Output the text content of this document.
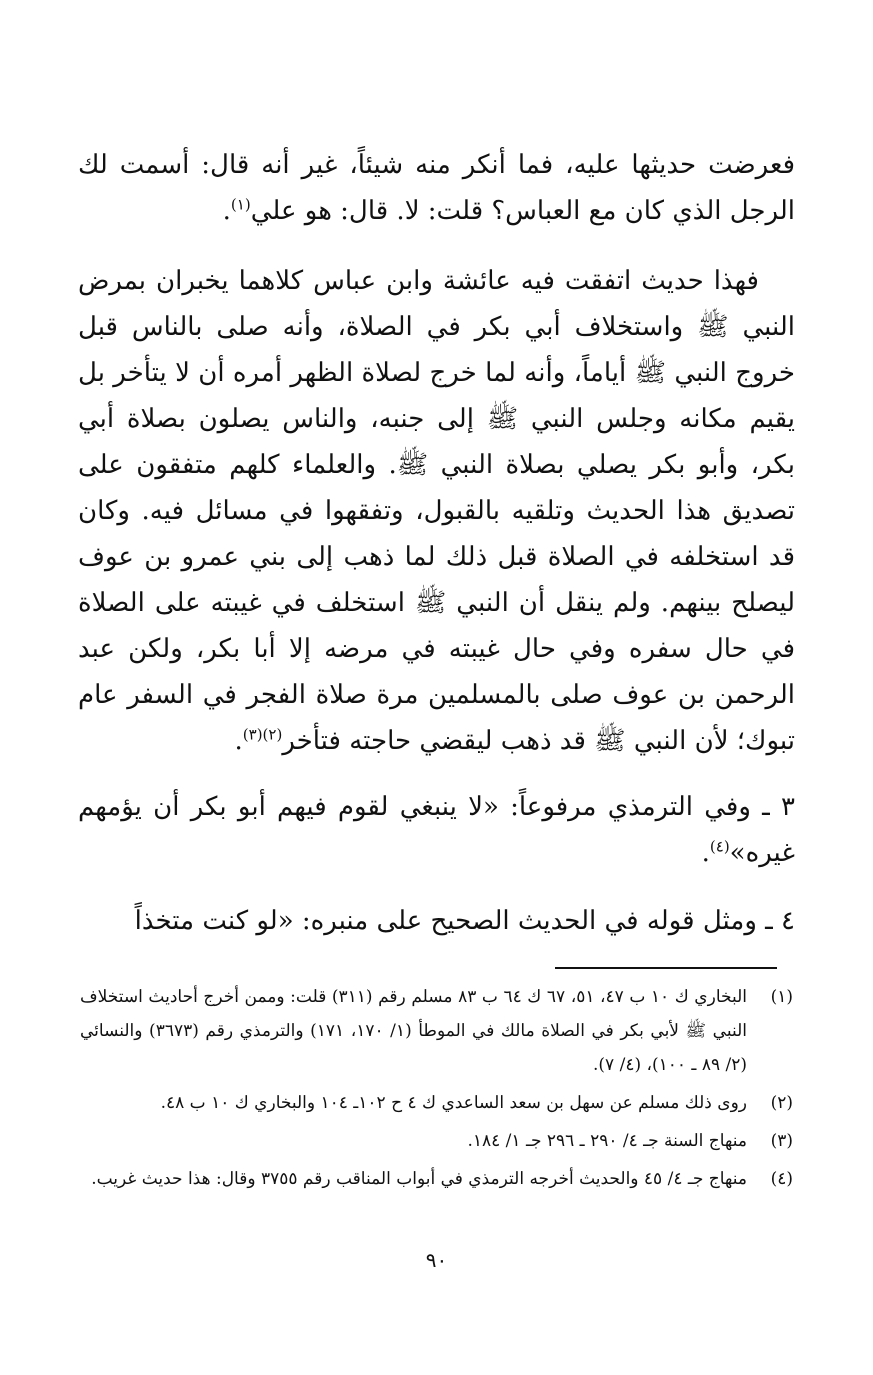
فعرضت حديثها عليه، فما أنكر منه شيئاً، غير أنه قال: أسمت لك الرجل الذي كان مع العباس؟ قلت: لا. قال: هو علي$^{(١)}$.

فهذا حديث اتفقت فيه عائشة وابن عباس كلاهما يخبران بمرض النبي ﷺ واستخلاف أبي بكر في الصلاة، وأنه صلى بالناس قبل خروج النبي ﷺ أياماً، وأنه لما خرج لصلاة الظهر أمره أن لا يتأخر بل يقيم مكانه وجلس النبي ﷺ إلى جنبه، والناس يصلون بصلاة أبي بكر، وأبو بكر يصلي بصلاة النبي ﷺ. والعلماء كلهم متفقون على تصديق هذا الحديث وتلقيه بالقبول، وتفقهوا في مسائل فيه. وكان قد استخلفه في الصلاة قبل ذلك لما ذهب إلى بني عمرو بن عوف ليصلح بينهم. ولم ينقل أن النبي ﷺ استخلف في غيبته على الصلاة في حال سفره وفي حال غيبته في مرضه إلا أبا بكر، ولكن عبد الرحمن بن عوف صلى بالمسلمين مرة صلاة الفجر في السفر عام تبوك؛ لأن النبي ﷺ قد ذهب ليقضي حاجته فتأخر$^{(٢)(٣)}$.

٣ ـ وفي الترمذي مرفوعاً: «لا ينبغي لقوم فيهم أبو بكر أن يؤمهم غيره»$^{(٤)}$.

٤ ـ ومثل قوله في الحديث الصحيح على منبره: «لو كنت متخذاً

(١)
البخاري ك ١٠ ب ٤٧، ٥١، ٦٧ ك ٦٤ ب ٨٣ مسلم رقم (٣١١) قلت: وممن أخرج أحاديث استخلاف النبي ﷺ لأبي بكر في الصلاة مالك في الموطأ (١/ ١٧٠، ١٧١) والترمذي رقم (٣٦٧٣) والنسائي (٢/ ٨٩ ـ ١٠٠)، (٤/ ٧).
(٢)
روى ذلك مسلم عن سهل بن سعد الساعدي ك ٤ ح ١٠٢ـ ١٠٤ والبخاري ك ١٠ ب ٤٨.
(٣)
منهاج السنة جـ ٤/ ٢٩٠ ـ ٢٩٦ جـ ١/ ١٨٤.
(٤)
منهاج جـ ٤/ ٤٥ والحديث أخرجه الترمذي في أبواب المناقب رقم ٣٧٥٥ وقال: هذا حديث غريب.
٩٠
